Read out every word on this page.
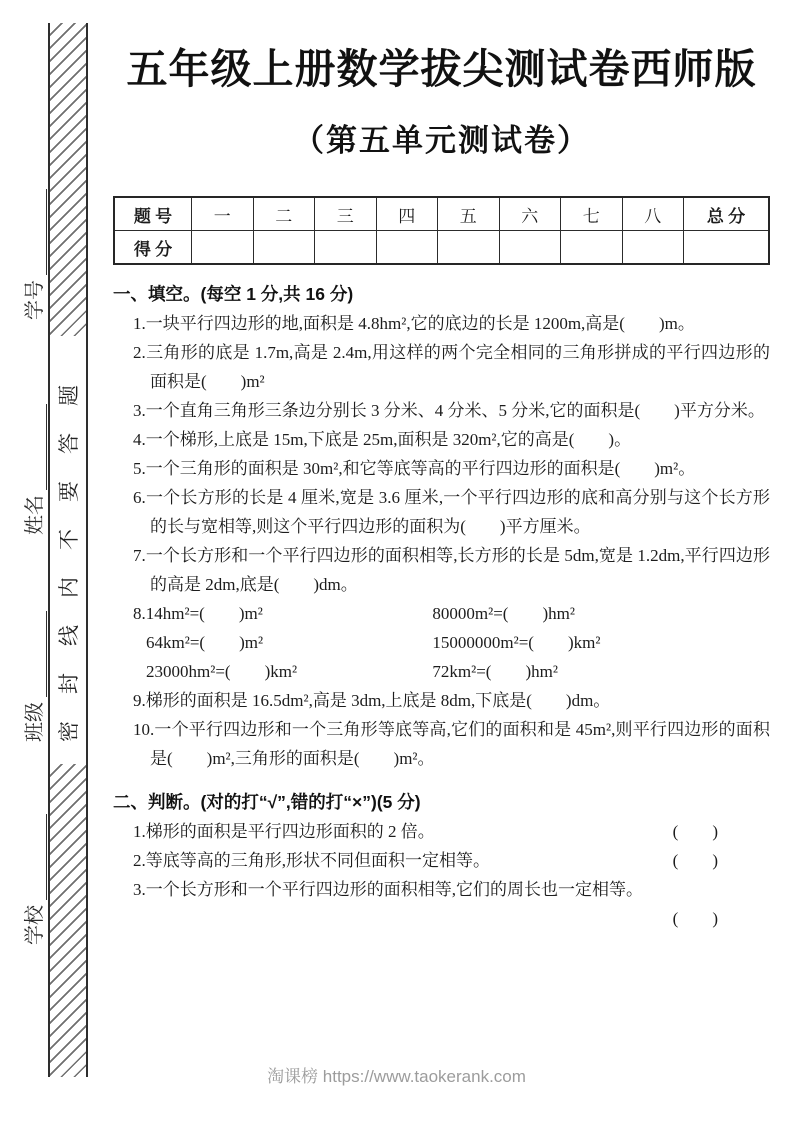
学号
姓名
班级
学校
密封线内不要答题
五年级上册数学拔尖测试卷西师版
（第五单元测试卷）
题 号	一	二	三	四	五	六	七	八	总 分
得 分									
一、填空。(每空 1 分,共 16 分)
1.一块平行四边形的地,面积是 4.8hm²,它的底边的长是 1200m,高是(　　)m。
2.三角形的底是 1.7m,高是 2.4m,用这样的两个完全相同的三角形拼成的平行四边形的面积是(　　)m²
3.一个直角三角形三条边分别长 3 分米、4 分米、5 分米,它的面积是(　　)平方分米。
4.一个梯形,上底是 15m,下底是 25m,面积是 320m²,它的高是(　　)。
5.一个三角形的面积是 30m²,和它等底等高的平行四边形的面积是(　　)m²。
6.一个长方形的长是 4 厘米,宽是 3.6 厘米,一个平行四边形的底和高分别与这个长方形的长与宽相等,则这个平行四边形的面积为(　　)平方厘米。
7.一个长方形和一个平行四边形的面积相等,长方形的长是 5dm,宽是 1.2dm,平行四边形的高是 2dm,底是(　　)dm。
8.14hm²=(　　)m²	80000m²=(　　)hm²
64km²=(　　)m²	15000000m²=(　　)km²
23000hm²=(　　)km²	72km²=(　　)hm²
9.梯形的面积是 16.5dm²,高是 3dm,上底是 8dm,下底是(　　)dm。
10.一个平行四边形和一个三角形等底等高,它们的面积和是 45m²,则平行四边形的面积是(　　)m²,三角形的面积是(　　)m²。
二、判断。(对的打“√”,错的打“×”)(5 分)
1.梯形的面积是平行四边形面积的 2 倍。	(　　)
2.等底等高的三角形,形状不同但面积一定相等。	(　　)
3.一个长方形和一个平行四边形的面积相等,它们的周长也一定相等。
(　　)
淘课榜 https://www.taokerank.com
